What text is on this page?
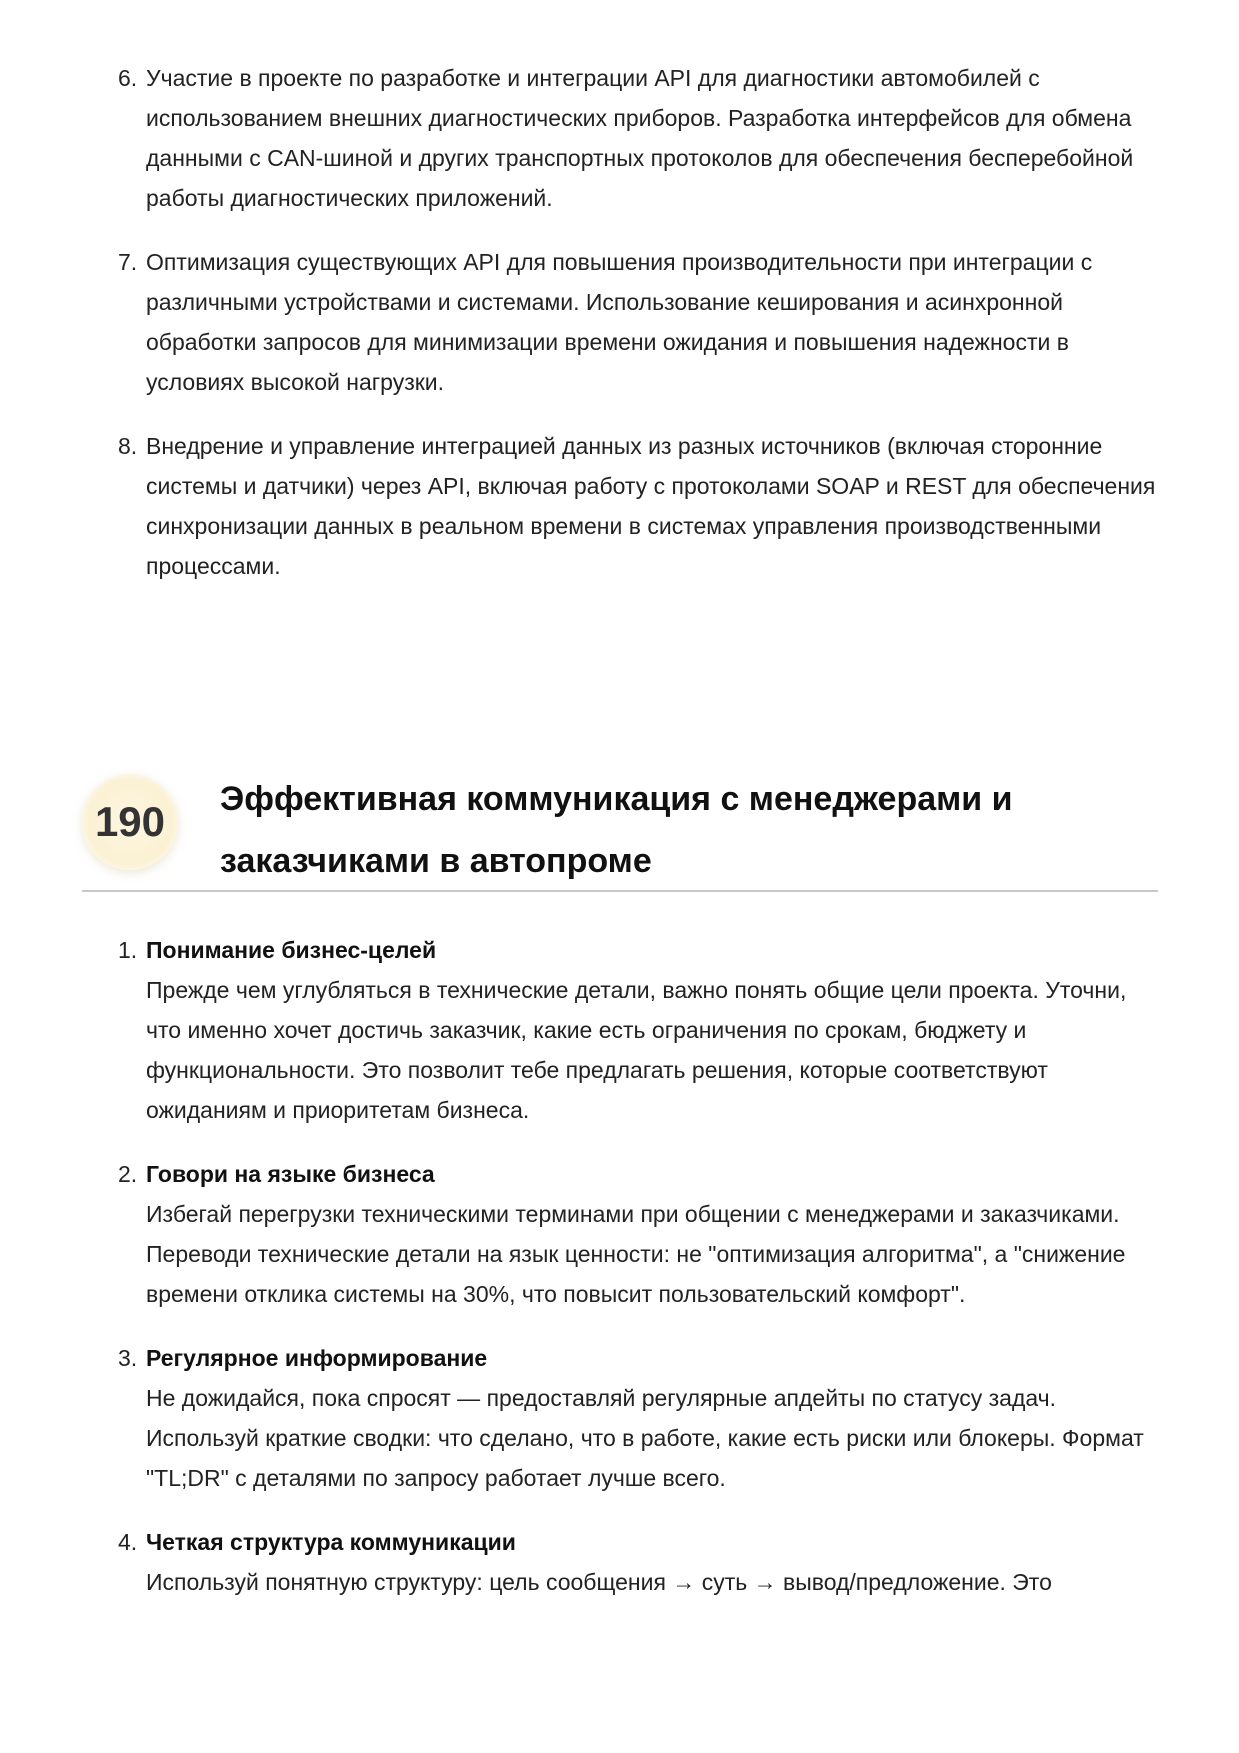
6. Участие в проекте по разработке и интеграции API для диагностики автомобилей с использованием внешних диагностических приборов. Разработка интерфейсов для обмена данными с CAN-шиной и других транспортных протоколов для обеспечения бесперебойной работы диагностических приложений.
7. Оптимизация существующих API для повышения производительности при интеграции с различными устройствами и системами. Использование кеширования и асинхронной обработки запросов для минимизации времени ожидания и повышения надежности в условиях высокой нагрузки.
8. Внедрение и управление интеграцией данных из разных источников (включая сторонние системы и датчики) через API, включая работу с протоколами SOAP и REST для обеспечения синхронизации данных в реальном времени в системах управления производственными процессами.
190	Эффективная коммуникация с менеджерами и
заказчиками в автопроме
1. Понимание бизнес-целей
Прежде чем углубляться в технические детали, важно понять общие цели проекта. Уточни, что именно хочет достичь заказчик, какие есть ограничения по срокам, бюджету и функциональности. Это позволит тебе предлагать решения, которые соответствуют ожиданиям и приоритетам бизнеса.
2. Говори на языке бизнеса
Избегай перегрузки техническими терминами при общении с менеджерами и заказчиками. Переводи технические детали на язык ценности: не "оптимизация алгоритма", а "снижение времени отклика системы на 30%, что повысит пользовательский комфорт".
3. Регулярное информирование
Не дожидайся, пока спросят — предоставляй регулярные апдейты по статусу задач. Используй краткие сводки: что сделано, что в работе, какие есть риски или блокеры. Формат "TL;DR" с деталями по запросу работает лучше всего.
4. Четкая структура коммуникации
Используй понятную структуру: цель сообщения → суть → вывод/предложение. Это
